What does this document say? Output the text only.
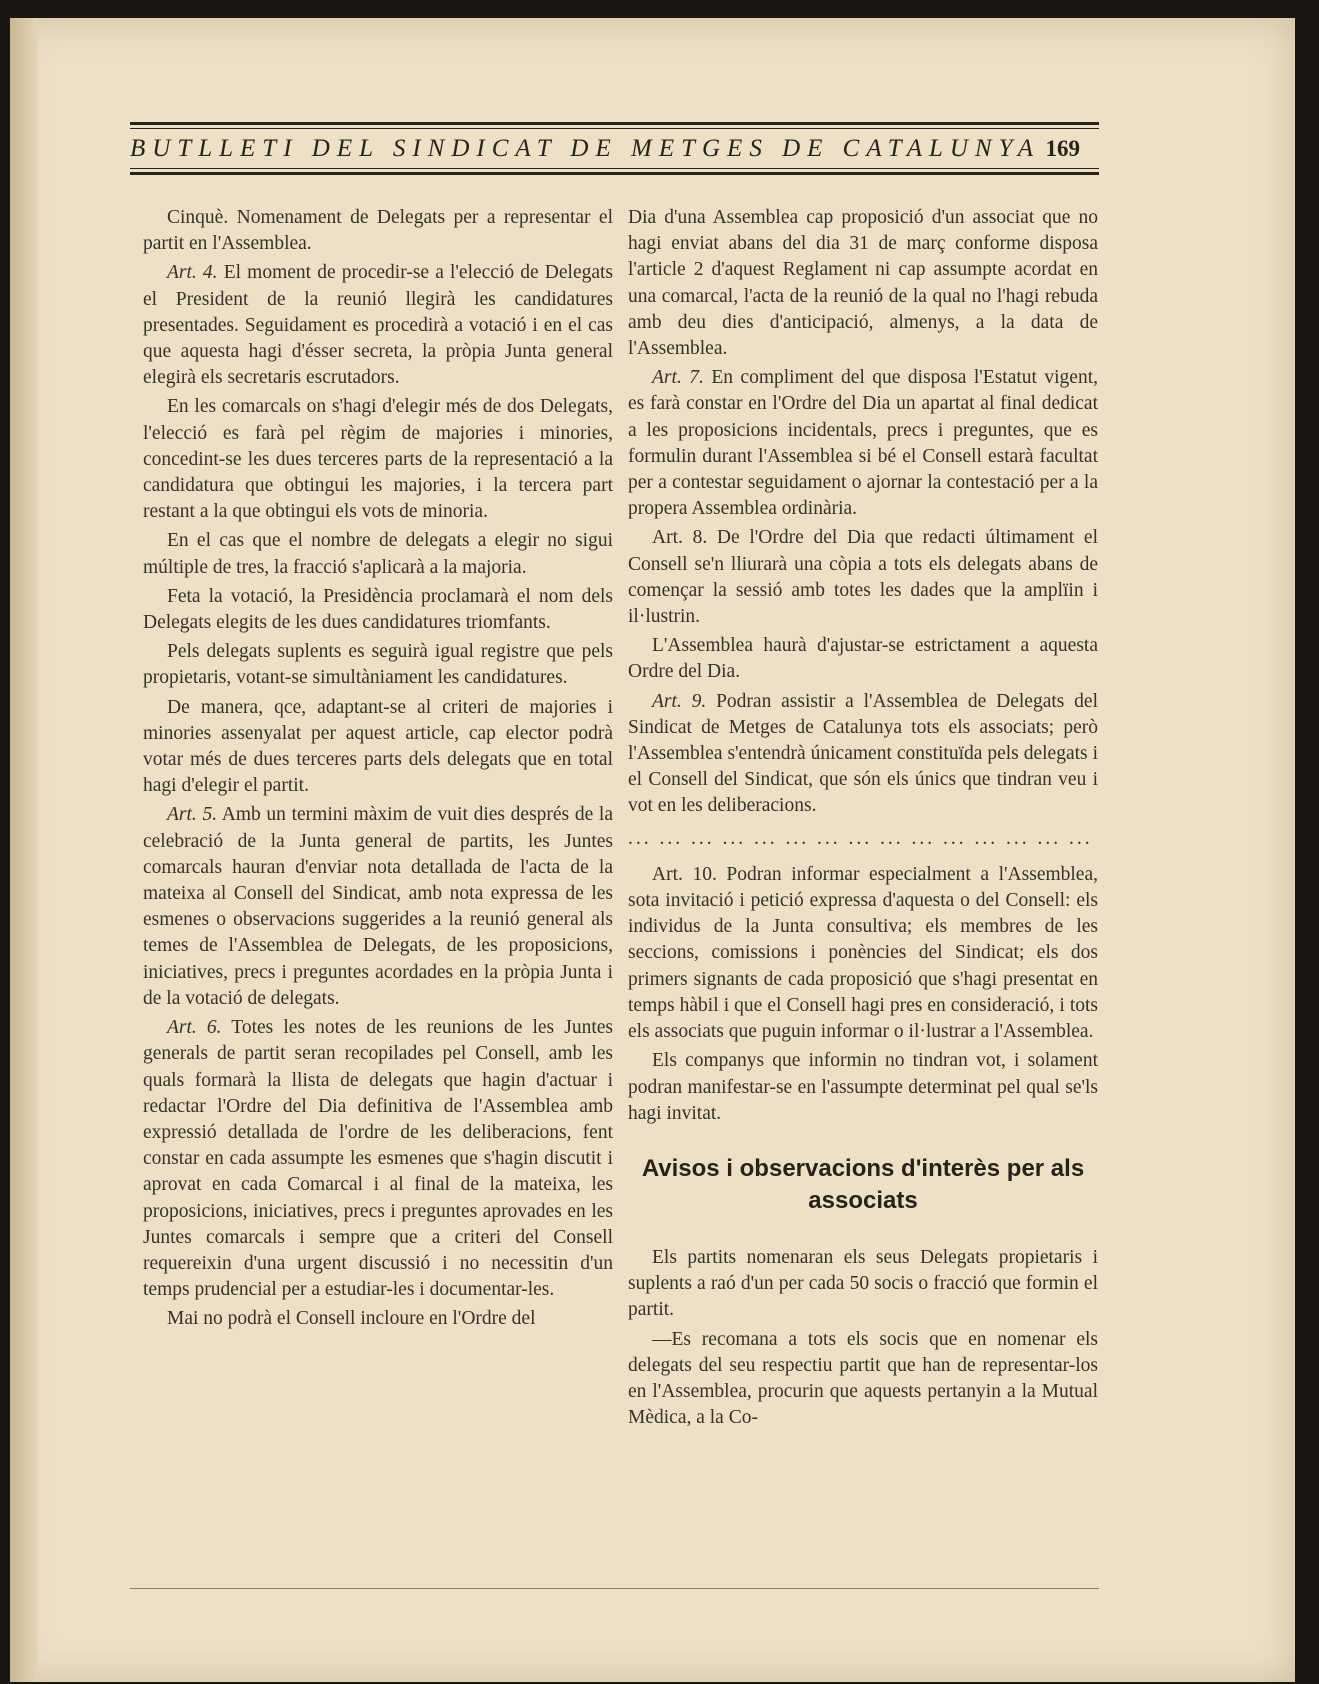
BUTLLETI DEL SINDICAT DE METGES DE CATALUNYA 169

Cinquè. Nomenament de Delegats per a representar el partit en l'Assemblea.

Art. 4. El moment de procedir-se a l'elecció de Delegats el President de la reunió llegirà les candidatures presentades. Seguidament es procedirà a votació i en el cas que aquesta hagi d'ésser secreta, la pròpia Junta general elegirà els secretaris escrutadors.

En les comarcals on s'hagi d'elegir més de dos Delegats, l'elecció es farà pel règim de majories i minories, concedint-se les dues terceres parts de la representació a la candidatura que obtingui les majories, i la tercera part restant a la que obtingui els vots de minoria.

En el cas que el nombre de delegats a elegir no sigui múltiple de tres, la fracció s'aplicarà a la majoria.

Feta la votació, la Presidència proclamarà el nom dels Delegats elegits de les dues candidatures triomfants.

Pels delegats suplents es seguirà igual registre que pels propietaris, votant-se simultàniament les candidatures.

De manera, qce, adaptant-se al criteri de majories i minories assenyalat per aquest article, cap elector podrà votar més de dues terceres parts dels delegats que en total hagi d'elegir el partit.

Art. 5. Amb un termini màxim de vuit dies després de la celebració de la Junta general de partits, les Juntes comarcals hauran d'enviar nota detallada de l'acta de la mateixa al Consell del Sindicat, amb nota expressa de les esmenes o observacions suggerides a la reunió general als temes de l'Assemblea de Delegats, de les proposicions, iniciatives, precs i preguntes acordades en la pròpia Junta i de la votació de delegats.

Art. 6. Totes les notes de les reunions de les Juntes generals de partit seran recopilades pel Consell, amb les quals formarà la llista de delegats que hagin d'actuar i redactar l'Ordre del Dia definitiva de l'Assemblea amb expressió detallada de l'ordre de les deliberacions, fent constar en cada assumpte les esmenes que s'hagin discutit i aprovat en cada Comarcal i al final de la mateixa, les proposicions, iniciatives, precs i preguntes aprovades en les Juntes comarcals i sempre que a criteri del Consell requereixin d'una urgent discussió i no necessitin d'un temps prudencial per a estudiar-les i documentar-les.

Mai no podrà el Consell incloure en l'Ordre del

Dia d'una Assemblea cap proposició d'un associat que no hagi enviat abans del dia 31 de març conforme disposa l'article 2 d'aquest Reglament ni cap assumpte acordat en una comarcal, l'acta de la reunió de la qual no l'hagi rebuda amb deu dies d'anticipació, almenys, a la data de l'Assemblea.

Art. 7. En compliment del que disposa l'Estatut vigent, es farà constar en l'Ordre del Dia un apartat al final dedicat a les proposicions incidentals, precs i preguntes, que es formulin durant l'Assemblea si bé el Consell estarà facultat per a contestar seguidament o ajornar la contestació per a la propera Assemblea ordinària.

Art. 8. De l'Ordre del Dia que redacti últimament el Consell se'n lliurarà una còpia a tots els delegats abans de començar la sessió amb totes les dades que la amplïin i il·lustrin.

L'Assemblea haurà d'ajustar-se estrictament a aquesta Ordre del Dia.

Art. 9. Podran assistir a l'Assemblea de Delegats del Sindicat de Metges de Catalunya tots els associats; però l'Assemblea s'entendrà únicament constituïda pels delegats i el Consell del Sindicat, que són els únics que tindran veu i vot en les deliberacions.

... ... ... ... ... ... ... ... ... ... ... ... ... ... ...

Art. 10. Podran informar especialment a l'Assemblea, sota invitació i petició expressa d'aquesta o del Consell: els individus de la Junta consultiva; els membres de les seccions, comissions i ponències del Sindicat; els dos primers signants de cada proposició que s'hagi presentat en temps hàbil i que el Consell hagi pres en consideració, i tots els associats que puguin informar o il·lustrar a l'Assemblea.

Els companys que informin no tindran vot, i solament podran manifestar-se en l'assumpte determinat pel qual se'ls hagi invitat.

Avisos i observacions d'interès per als associats

Els partits nomenaran els seus Delegats propietaris i suplents a raó d'un per cada 50 socis o fracció que formin el partit.

—Es recomana a tots els socis que en nomenar els delegats del seu respectiu partit que han de representar-los en l'Assemblea, procurin que aquests pertanyin a la Mutual Mèdica, a la Co-
